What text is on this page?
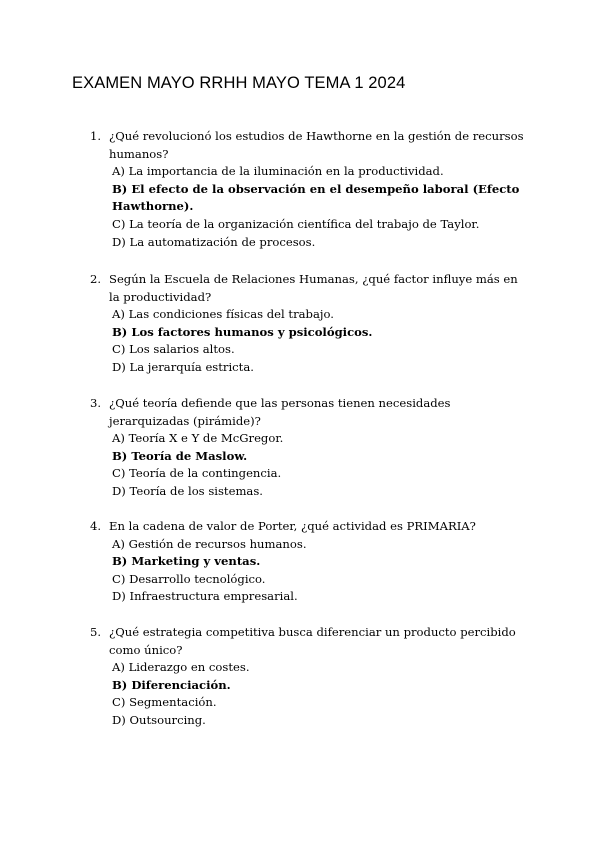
EXAMEN MAYO RRHH MAYO TEMA 1 2024
1. ¿Qué revolucionó los estudios de Hawthorne en la gestión de recursos humanos?
A) La importancia de la iluminación en la productividad.
B) El efecto de la observación en el desempeño laboral (Efecto Hawthorne).
C) La teoría de la organización científica del trabajo de Taylor.
D) La automatización de procesos.
2. Según la Escuela de Relaciones Humanas, ¿qué factor influye más en la productividad?
A) Las condiciones físicas del trabajo.
B) Los factores humanos y psicológicos.
C) Los salarios altos.
D) La jerarquía estricta.
3. ¿Qué teoría defiende que las personas tienen necesidades jerarquizadas (pirámide)?
A) Teoría X e Y de McGregor.
B) Teoría de Maslow.
C) Teoría de la contingencia.
D) Teoría de los sistemas.
4. En la cadena de valor de Porter, ¿qué actividad es PRIMARIA?
A) Gestión de recursos humanos.
B) Marketing y ventas.
C) Desarrollo tecnológico.
D) Infraestructura empresarial.
5. ¿Qué estrategia competitiva busca diferenciar un producto percibido como único?
A) Liderazgo en costes.
B) Diferenciación.
C) Segmentación.
D) Outsourcing.
